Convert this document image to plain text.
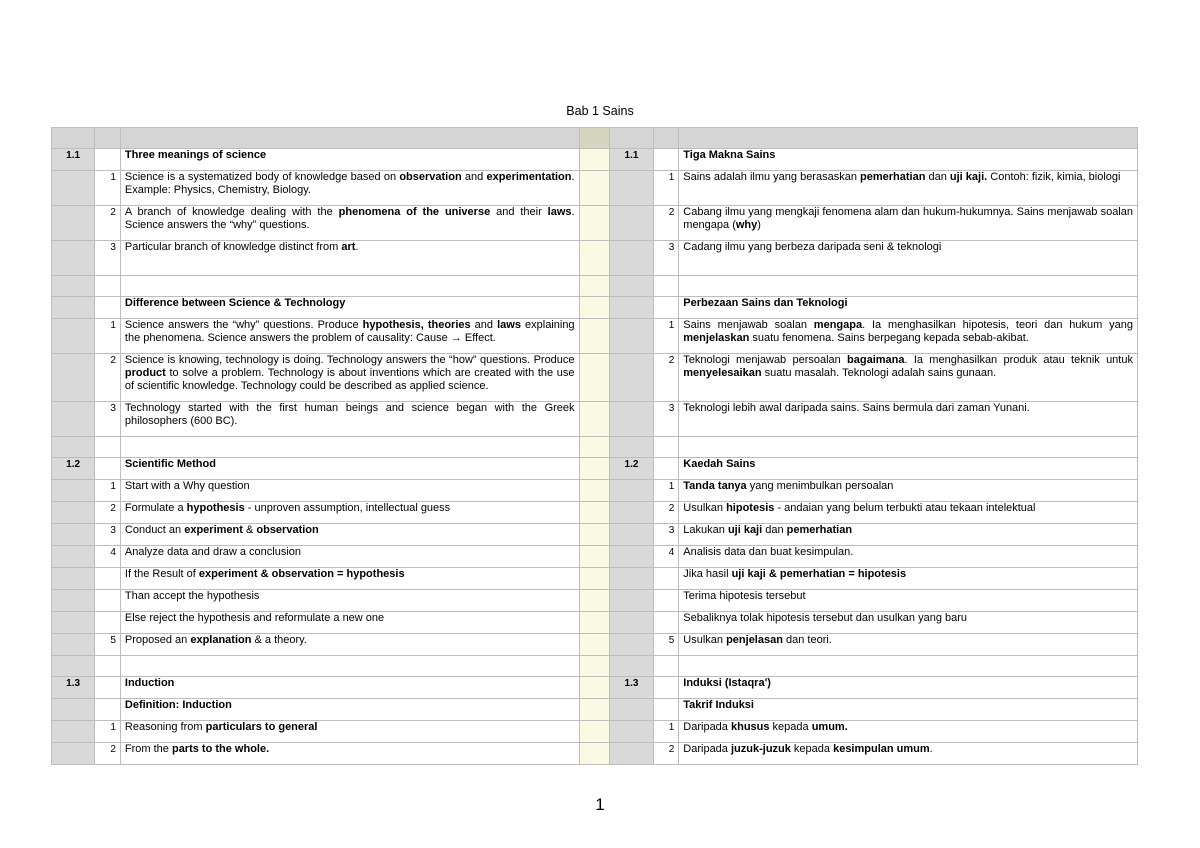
Bab 1 Sains

1.1		Three meanings of science		1.1		Tiga Makna Sains
	1	Science is a systematized body of knowledge based on observation and experimentation. Example: Physics, Chemistry, Biology.			1	Sains adalah ilmu yang berasaskan pemerhatian dan uji kaji. Contoh: fizik, kimia, biologi
	2	A branch of knowledge dealing with the phenomena of the universe and their laws. Science answers the “why” questions.			2	Cabang ilmu yang mengkaji fenomena alam dan hukum-hukumnya. Sains menjawab soalan mengapa (why)
	3	Particular branch of knowledge distinct from art.			3	Cadang ilmu yang berbeza daripada seni & teknologi

		Difference between Science & Technology				Perbezaan Sains dan Teknologi
	1	Science answers the “why” questions. Produce hypothesis, theories and laws explaining the phenomena. Science answers the problem of causality: Cause → Effect.			1	Sains menjawab soalan mengapa. Ia menghasilkan hipotesis, teori dan hukum yang menjelaskan suatu fenomena. Sains berpegang kepada sebab-akibat.
	2	Science is knowing, technology is doing. Technology answers the “how” questions. Produce product to solve a problem. Technology is about inventions which are created with the use of scientific knowledge. Technology could be described as applied science.			2	Teknologi menjawab persoalan bagaimana. Ia menghasilkan produk atau teknik untuk menyelesaikan suatu masalah. Teknologi adalah sains gunaan.
	3	Technology started with the first human beings and science began with the Greek philosophers (600 BC).			3	Teknologi lebih awal daripada sains. Sains bermula dari zaman Yunani.

1.2		Scientific Method		1.2		Kaedah Sains
	1	Start with a Why question			1	Tanda tanya yang menimbulkan persoalan
	2	Formulate a hypothesis - unproven assumption, intellectual guess			2	Usulkan hipotesis - andaian yang belum terbukti atau tekaan intelektual
	3	Conduct an experiment & observation			3	Lakukan uji kaji dan pemerhatian
	4	Analyze data and draw a conclusion			4	Analisis data dan buat kesimpulan.
		If the Result of experiment & observation = hypothesis				Jika hasil uji kaji & pemerhatian = hipotesis
		Than accept the hypothesis				Terima hipotesis tersebut
		Else reject the hypothesis and reformulate a new one				Sebaliknya tolak hipotesis tersebut dan usulkan yang baru
	5	Proposed an explanation & a theory.			5	Usulkan penjelasan dan teori.

1.3		Induction		1.3		Induksi (Istaqra')
		Definition: Induction				Takrif Induksi
	1	Reasoning from particulars to general			1	Daripada khusus kepada umum.
	2	From the parts to the whole.			2	Daripada juzuk-juzuk kepada kesimpulan umum.
1
